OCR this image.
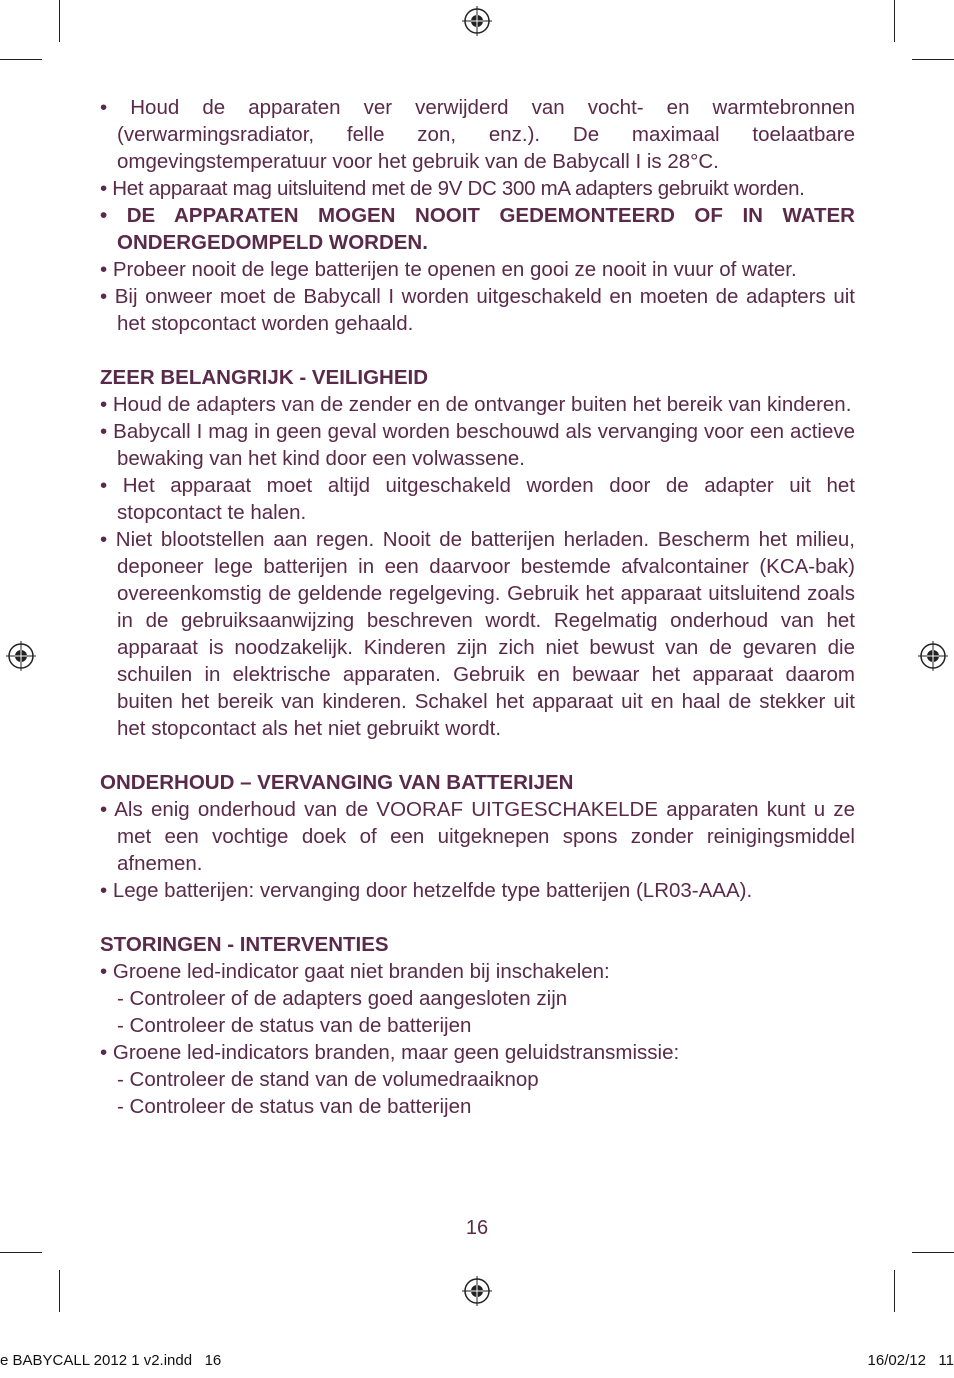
• Houd de apparaten ver verwijderd van vocht- en warmtebronnen (verwarmingsradiator, felle zon, enz.). De maximaal toelaatbare omgevingstemperatuur voor het gebruik van de Babycall I is 28°C.
• Het apparaat mag uitsluitend met de 9V DC 300 mA adapters gebruikt worden.
• DE APPARATEN MOGEN NOOIT GEDEMONTEERD OF IN WATER ONDERGEDOMPELD WORDEN.
• Probeer nooit de lege batterijen te openen en gooi ze nooit in vuur of water.
• Bij onweer moet de Babycall I worden uitgeschakeld en moeten de adapters uit het stopcontact worden gehaald.
ZEER BELANGRIJK - VEILIGHEID
• Houd de adapters van de zender en de ontvanger buiten het bereik van kinderen.
• Babycall I mag in geen geval worden beschouwd als vervanging voor een actieve bewaking van het kind door een volwassene.
• Het apparaat moet altijd uitgeschakeld worden door de adapter uit het stopcontact te halen.
• Niet blootstellen aan regen. Nooit de batterijen herladen. Bescherm het milieu, deponeer lege batterijen in een daarvoor bestemde afvalcontainer (KCA-bak) overeenkomstig de geldende regelgeving. Gebruik het apparaat uitsluitend zoals in de gebruiksaanwijzing beschreven wordt. Regelmatig onderhoud van het apparaat is noodzakelijk. Kinderen zijn zich niet bewust van de gevaren die schuilen in elektrische apparaten. Gebruik en bewaar het apparaat daarom buiten het bereik van kinderen. Schakel het apparaat uit en haal de stekker uit het stopcontact als het niet gebruikt wordt.
ONDERHOUD – VERVANGING VAN BATTERIJEN
• Als enig onderhoud van de VOORAF UITGESCHAKELDE apparaten kunt u ze met een vochtige doek of een uitgeknepen spons zonder reinigingsmiddel afnemen.
• Lege batterijen: vervanging door hetzelfde type batterijen (LR03-AAA).
STORINGEN - INTERVENTIES
• Groene led-indicator gaat niet branden bij inschakelen:
- Controleer of de adapters goed aangesloten zijn
- Controleer de status van de batterijen
• Groene led-indicators branden, maar geen geluidstransmissie:
- Controleer de stand van de volumedraaiknop
- Controleer de status van de batterijen
16
e BABYCALL 2012 1 v2.indd   16	16/02/12   11
